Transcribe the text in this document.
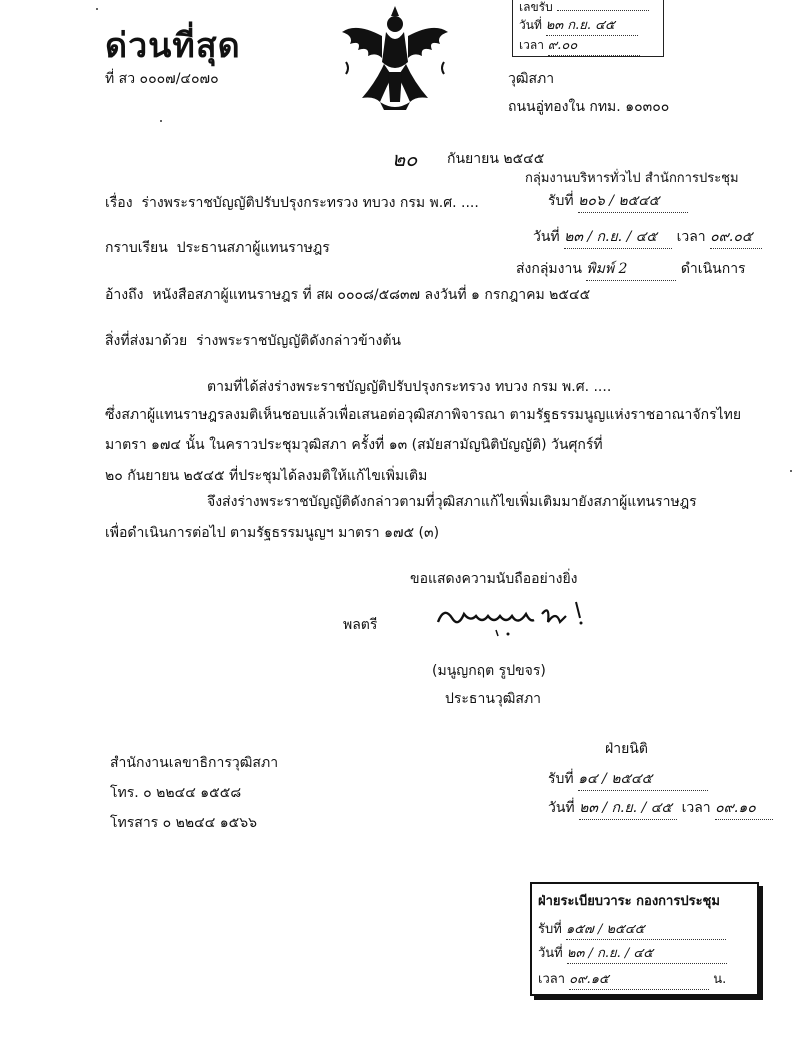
ด่วนที่สุด
ที่ สว ๐๐๐๗/๔๐๗๐	วุฒิสภา
ถนนอู่ทองใน กทม. ๑๐๓๐๐
เลขรับ
วันที่ ๒๓ ก.ย. ๔๕
เวลา ๙.๐๐
๒๐ กันยายน ๒๕๔๕
กลุ่มงานบริหารทั่วไป สำนักการประชุม
รับที่ ๒๐๖ / ๒๕๔๕
วันที่ ๒๓ / ก.ย. / ๔๕ เวลา ๐๙.๐๕
ส่งกลุ่มงาน พิมพ์ 2	ดำเนินการ
เรื่อง ร่างพระราชบัญญัติปรับปรุงกระทรวง ทบวง กรม พ.ศ. ....
กราบเรียน ประธานสภาผู้แทนราษฎร
อ้างถึง หนังสือสภาผู้แทนราษฎร ที่ สผ ๐๐๐๘/๕๘๓๗ ลงวันที่ ๑ กรกฎาคม ๒๕๔๕
สิ่งที่ส่งมาด้วย ร่างพระราชบัญญัติดังกล่าวข้างต้น
ตามที่ได้ส่งร่างพระราชบัญญัติปรับปรุงกระทรวง ทบวง กรม พ.ศ. ....
ซึ่งสภาผู้แทนราษฎรลงมติเห็นชอบแล้วเพื่อเสนอต่อวุฒิสภาพิจารณา ตามรัฐธรรมนูญแห่งราชอาณาจักรไทย
มาตรา ๑๗๔ นั้น ในคราวประชุมวุฒิสภา ครั้งที่ ๑๓ (สมัยสามัญนิติบัญญัติ) วันศุกร์ที่
๒๐ กันยายน ๒๕๔๕ ที่ประชุมได้ลงมติให้แก้ไขเพิ่มเติม
จึงส่งร่างพระราชบัญญัติดังกล่าวตามที่วุฒิสภาแก้ไขเพิ่มเติมมายังสภาผู้แทนราษฎร
เพื่อดำเนินการต่อไป ตามรัฐธรรมนูญฯ มาตรา ๑๗๕ (๓)
ขอแสดงความนับถืออย่างยิ่ง
พลตรี
(มนูญกฤต รูปขจร)
ประธานวุฒิสภา
สำนักงานเลขาธิการวุฒิสภา
โทร. ๐ ๒๒๔๔ ๑๕๕๘
โทรสาร ๐ ๒๒๔๔ ๑๕๖๖
ฝ่ายนิติ
รับที่ ๑๔ / ๒๕๔๕
วันที่ ๒๓ / ก.ย. / ๔๕ เวลา ๐๙.๑๐
ฝ่ายระเบียบวาระ กองการประชุม
รับที่ ๑๕๗ / ๒๕๔๕
วันที่ ๒๓ / ก.ย. / ๔๕
เวลา ๐๙.๑๕	น.
